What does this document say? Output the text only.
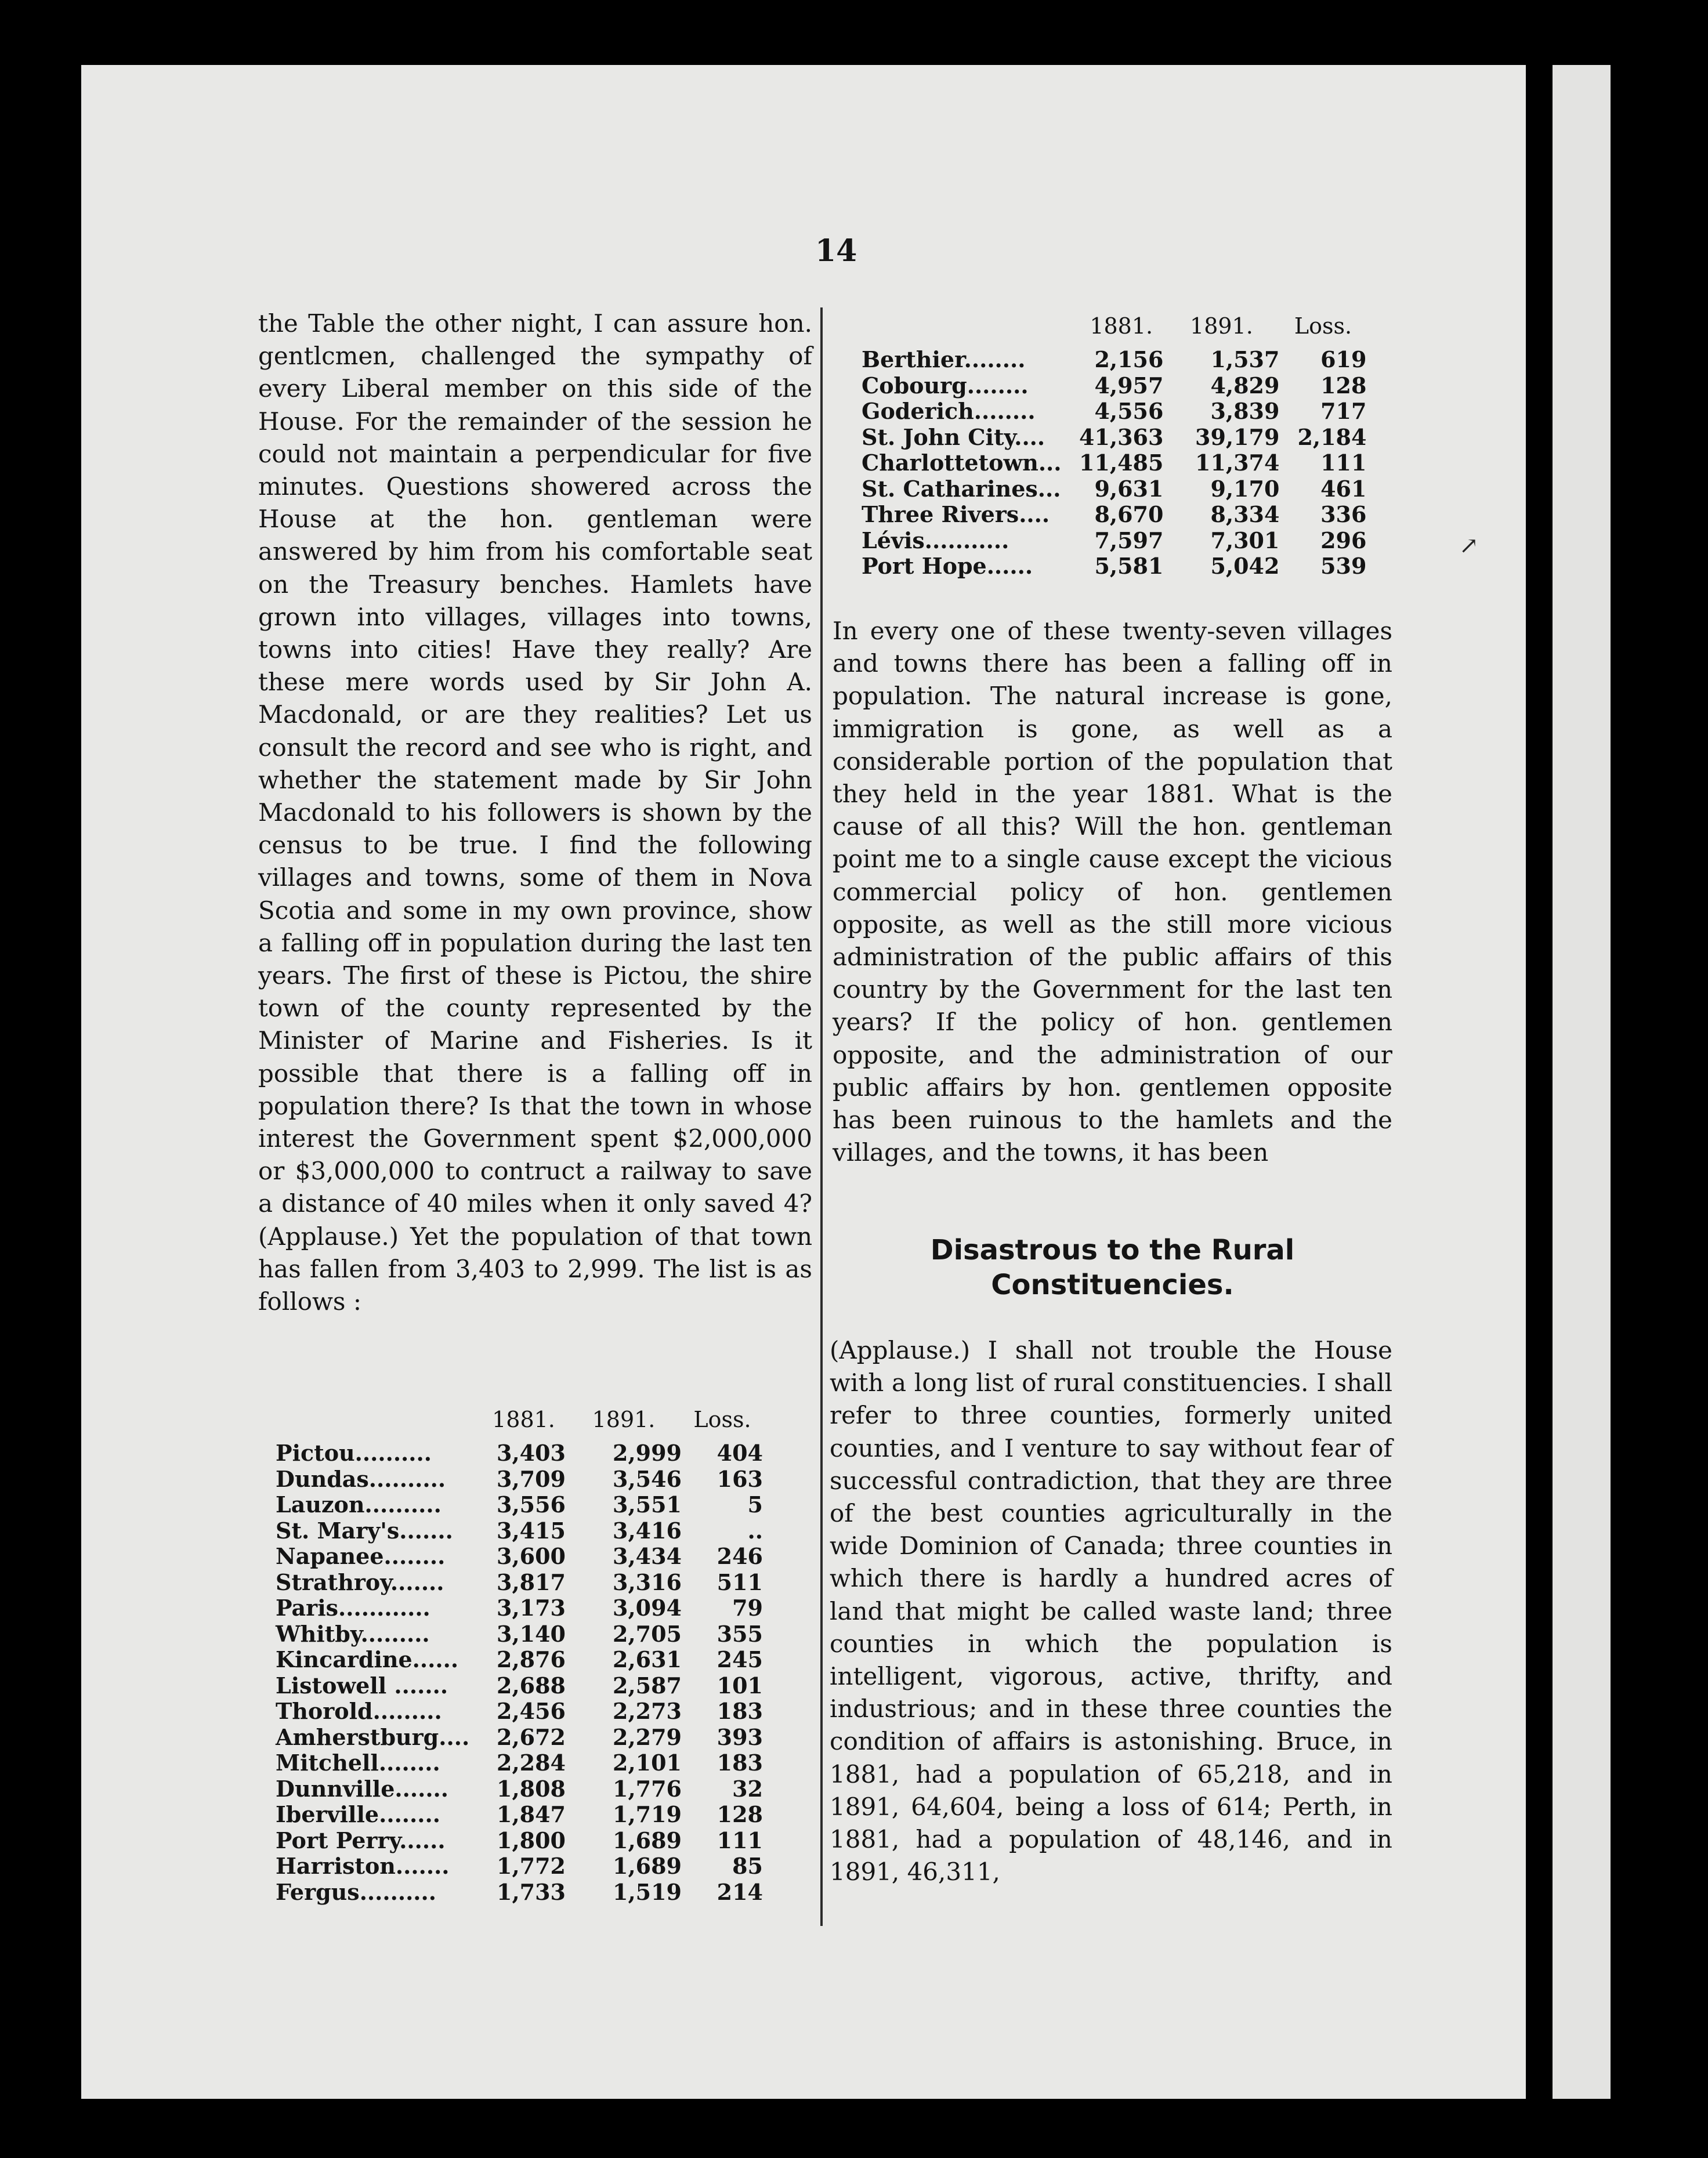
14

the Table the other night, I can assure hon. gentlcmen, challenged the sympathy of every Liberal member on this side of the House. For the remainder of the session he could not maintain a perpendicular for five minutes. Questions showered across the House at the hon. gentleman were answered by him from his comfortable seat on the Treasury benches. Hamlets have grown into villages, villages into towns, towns into cities! Have they really? Are these mere words used by Sir John A. Macdonald, or are they realities? Let us consult the record and see who is right, and whether the statement made by Sir John Macdonald to his followers is shown by the census to be true. I find the following villages and towns, some of them in Nova Scotia and some in my own province, show a falling off in population during the last ten years. The first of these is Pictou, the shire town of the county represented by the Minister of Marine and Fisheries. Is it possible that there is a falling off in population there? Is that the town in whose interest the Government spent $2,000,000 or $3,000,000 to contruct a railway to save a distance of 40 miles when it only saved 4? (Applause.) Yet the population of that town has fallen from 3,403 to 2,999. The list is as follows :

	1881.	1891.	Loss.
Pictou..........	3,403	2,999	404
Dundas..........	3,709	3,546	163
Lauzon..........	3,556	3,551	5
St. Mary's.......	3,415	3,416	..
Napanee........	3,600	3,434	246
Strathroy.......	3,817	3,316	511
Paris............	3,173	3,094	79
Whitby.........	3,140	2,705	355
Kincardine......	2,876	2,631	245
Listowell .......	2,688	2,587	101
Thorold.........	2,456	2,273	183
Amherstburg....	2,672	2,279	393
Mitchell........	2,284	2,101	183
Dunnville.......	1,808	1,776	32
Iberville........	1,847	1,719	128
Port Perry......	1,800	1,689	111
Harriston.......	1,772	1,689	85
Fergus..........	1,733	1,519	214
	1881.	1891.	Loss.
Berthier........	2,156	1,537	619
Cobourg........	4,957	4,829	128
Goderich........	4,556	3,839	717
St. John City....	41,363	39,179	2,184
Charlottetown...	11,485	11,374	111
St. Catharines...	9,631	9,170	461
Three Rivers....	8,670	8,334	336
Lévis...........	7,597	7,301	296
Port Hope......	5,581	5,042	539
↗

In every one of these twenty-seven villages and towns there has been a falling off in population. The natural increase is gone, immigration is gone, as well as a considerable portion of the population that they held in the year 1881. What is the cause of all this? Will the hon. gentleman point me to a single cause except the vicious commercial policy of hon. gentlemen opposite, as well as the still more vicious administration of the public affairs of this country by the Government for the last ten years? If the policy of hon. gentlemen opposite, and the administration of our public affairs by hon. gentlemen opposite has been ruinous to the hamlets and the villages, and the towns, it has been

Disastrous to the Rural Constituencies.

(Applause.) I shall not trouble the House with a long list of rural constituencies. I shall refer to three counties, formerly united counties, and I venture to say without fear of successful contradiction, that they are three of the best counties agriculturally in the wide Dominion of Canada; three counties in which there is hardly a hundred acres of land that might be called waste land; three counties in which the population is intelligent, vigorous, active, thrifty, and industrious; and in these three counties the condition of affairs is astonishing. Bruce, in 1881, had a population of 65,218, and in 1891, 64,604, being a loss of 614; Perth, in 1881, had a population of 48,146, and in 1891, 46,311,
